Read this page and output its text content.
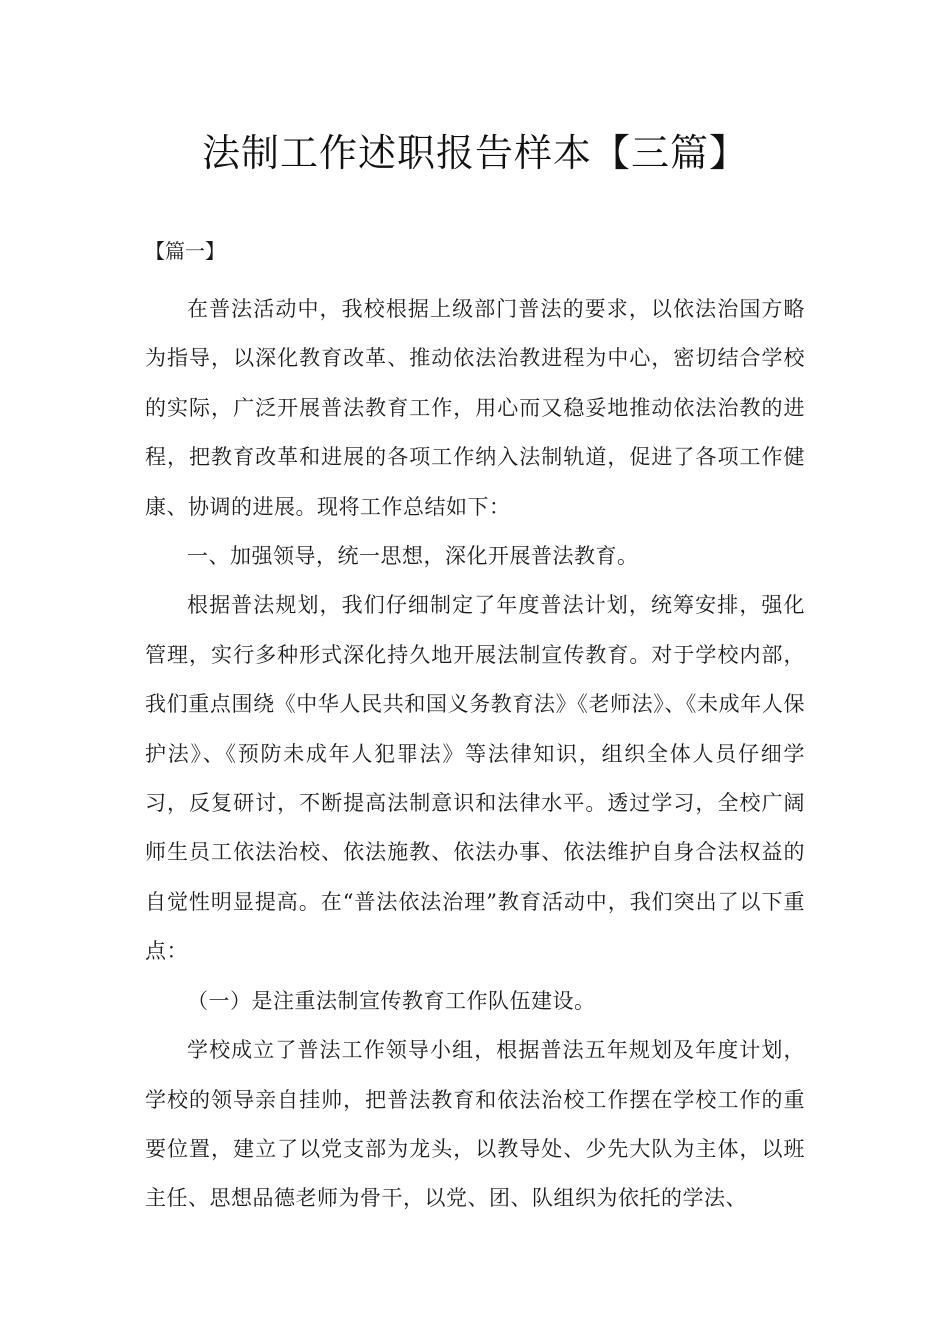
法制工作述职报告样本【三篇】
【篇一】

在普法活动中，我校根据上级部门普法的要求，以依法治国方略为指导，以深化教育改革、推动依法治教进程为中心，密切结合学校的实际，广泛开展普法教育工作，用心而又稳妥地推动依法治教的进程，把教育改革和进展的各项工作纳入法制轨道，促进了各项工作健康、协调的进展。现将工作总结如下：

一、加强领导，统一思想，深化开展普法教育。

根据普法规划，我们仔细制定了年度普法计划，统筹安排，强化管理，实行多种形式深化持久地开展法制宣传教育。对于学校内部，我们重点围绕《中华人民共和国义务教育法》《老师法》、《未成年人保护法》、《预防未成年人犯罪法》等法律知识，组织全体人员仔细学习，反复研讨，不断提高法制意识和法律水平。透过学习，全校广阔师生员工依法治校、依法施教、依法办事、依法维护自身合法权益的自觉性明显提高。在“普法依法治理”教育活动中，我们突出了以下重点：

（一）是注重法制宣传教育工作队伍建设。

学校成立了普法工作领导小组，根据普法五年规划及年度计划，学校的领导亲自挂帅，把普法教育和依法治校工作摆在学校工作的重要位置，建立了以党支部为龙头，以教导处、少先大队为主体，以班主任、思想品德老师为骨干，以党、团、队组织为依托的学法、
